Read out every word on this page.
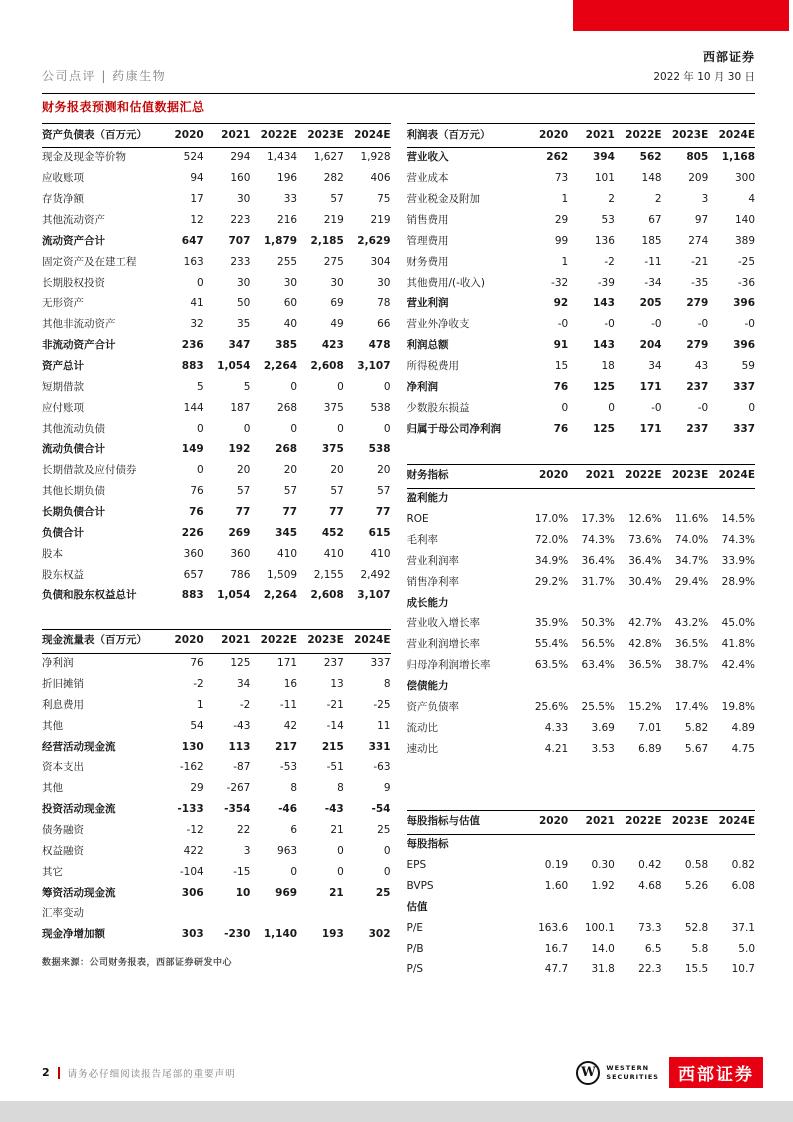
公司点评 | 药康生物
西部证券
2022 年 10 月 30 日
财务报表预测和估值数据汇总
资产负债表（百万元）	2020	2021	2022E	2023E	2024E
现金及现金等价物	524	294	1,434	1,627	1,928
应收账项	94	160	196	282	406
存货净额	17	30	33	57	75
其他流动资产	12	223	216	219	219
流动资产合计	647	707	1,879	2,185	2,629
固定资产及在建工程	163	233	255	275	304
长期股权投资	0	30	30	30	30
无形资产	41	50	60	69	78
其他非流动资产	32	35	40	49	66
非流动资产合计	236	347	385	423	478
资产总计	883	1,054	2,264	2,608	3,107
短期借款	5	5	0	0	0
应付账项	144	187	268	375	538
其他流动负债	0	0	0	0	0
流动负债合计	149	192	268	375	538
长期借款及应付债券	0	20	20	20	20
其他长期负债	76	57	57	57	57
长期负债合计	76	77	77	77	77
负债合计	226	269	345	452	615
股本	360	360	410	410	410
股东权益	657	786	1,509	2,155	2,492
负债和股东权益总计	883	1,054	2,264	2,608	3,107
现金流量表（百万元）	2020	2021	2022E	2023E	2024E
净利润	76	125	171	237	337
折旧摊销	-2	34	16	13	8
利息费用	1	-2	-11	-21	-25
其他	54	-43	42	-14	11
经营活动现金流	130	113	217	215	331
资本支出	-162	-87	-53	-51	-63
其他	29	-267	8	8	9
投资活动现金流	-133	-354	-46	-43	-54
债务融资	-12	22	6	21	25
权益融资	422	3	963	0	0
其它	-104	-15	0	0	0
筹资活动现金流	306	10	969	21	25
汇率变动					
现金净增加额	303	-230	1,140	193	302
数据来源：公司财务报表，西部证券研发中心
利润表（百万元）	2020	2021	2022E	2023E	2024E
营业收入	262	394	562	805	1,168
营业成本	73	101	148	209	300
营业税金及附加	1	2	2	3	4
销售费用	29	53	67	97	140
管理费用	99	136	185	274	389
财务费用	1	-2	-11	-21	-25
其他费用/(-收入)	-32	-39	-34	-35	-36
营业利润	92	143	205	279	396
营业外净收支	-0	-0	-0	-0	-0
利润总额	91	143	204	279	396
所得税费用	15	18	34	43	59
净利润	76	125	171	237	337
少数股东损益	0	0	-0	-0	0
归属于母公司净利润	76	125	171	237	337
财务指标	2020	2021	2022E	2023E	2024E
盈利能力					
ROE	17.0%	17.3%	12.6%	11.6%	14.5%
毛利率	72.0%	74.3%	73.6%	74.0%	74.3%
营业利润率	34.9%	36.4%	36.4%	34.7%	33.9%
销售净利率	29.2%	31.7%	30.4%	29.4%	28.9%
成长能力					
营业收入增长率	35.9%	50.3%	42.7%	43.2%	45.0%
营业利润增长率	55.4%	56.5%	42.8%	36.5%	41.8%
归母净利润增长率	63.5%	63.4%	36.5%	38.7%	42.4%
偿债能力					
资产负债率	25.6%	25.5%	15.2%	17.4%	19.8%
流动比	4.33	3.69	7.01	5.82	4.89
速动比	4.21	3.53	6.89	5.67	4.75
每股指标与估值	2020	2021	2022E	2023E	2024E
每股指标					
EPS	0.19	0.30	0.42	0.58	0.82
BVPS	1.60	1.92	4.68	5.26	6.08
估值					
P/E	163.6	100.1	73.3	52.8	37.1
P/B	16.7	14.0	6.5	5.8	5.0
P/S	47.7	31.8	22.3	15.5	10.7
2 请务必仔细阅读报告尾部的重要声明	W	WESTERN
SECURITIES	西部证券
